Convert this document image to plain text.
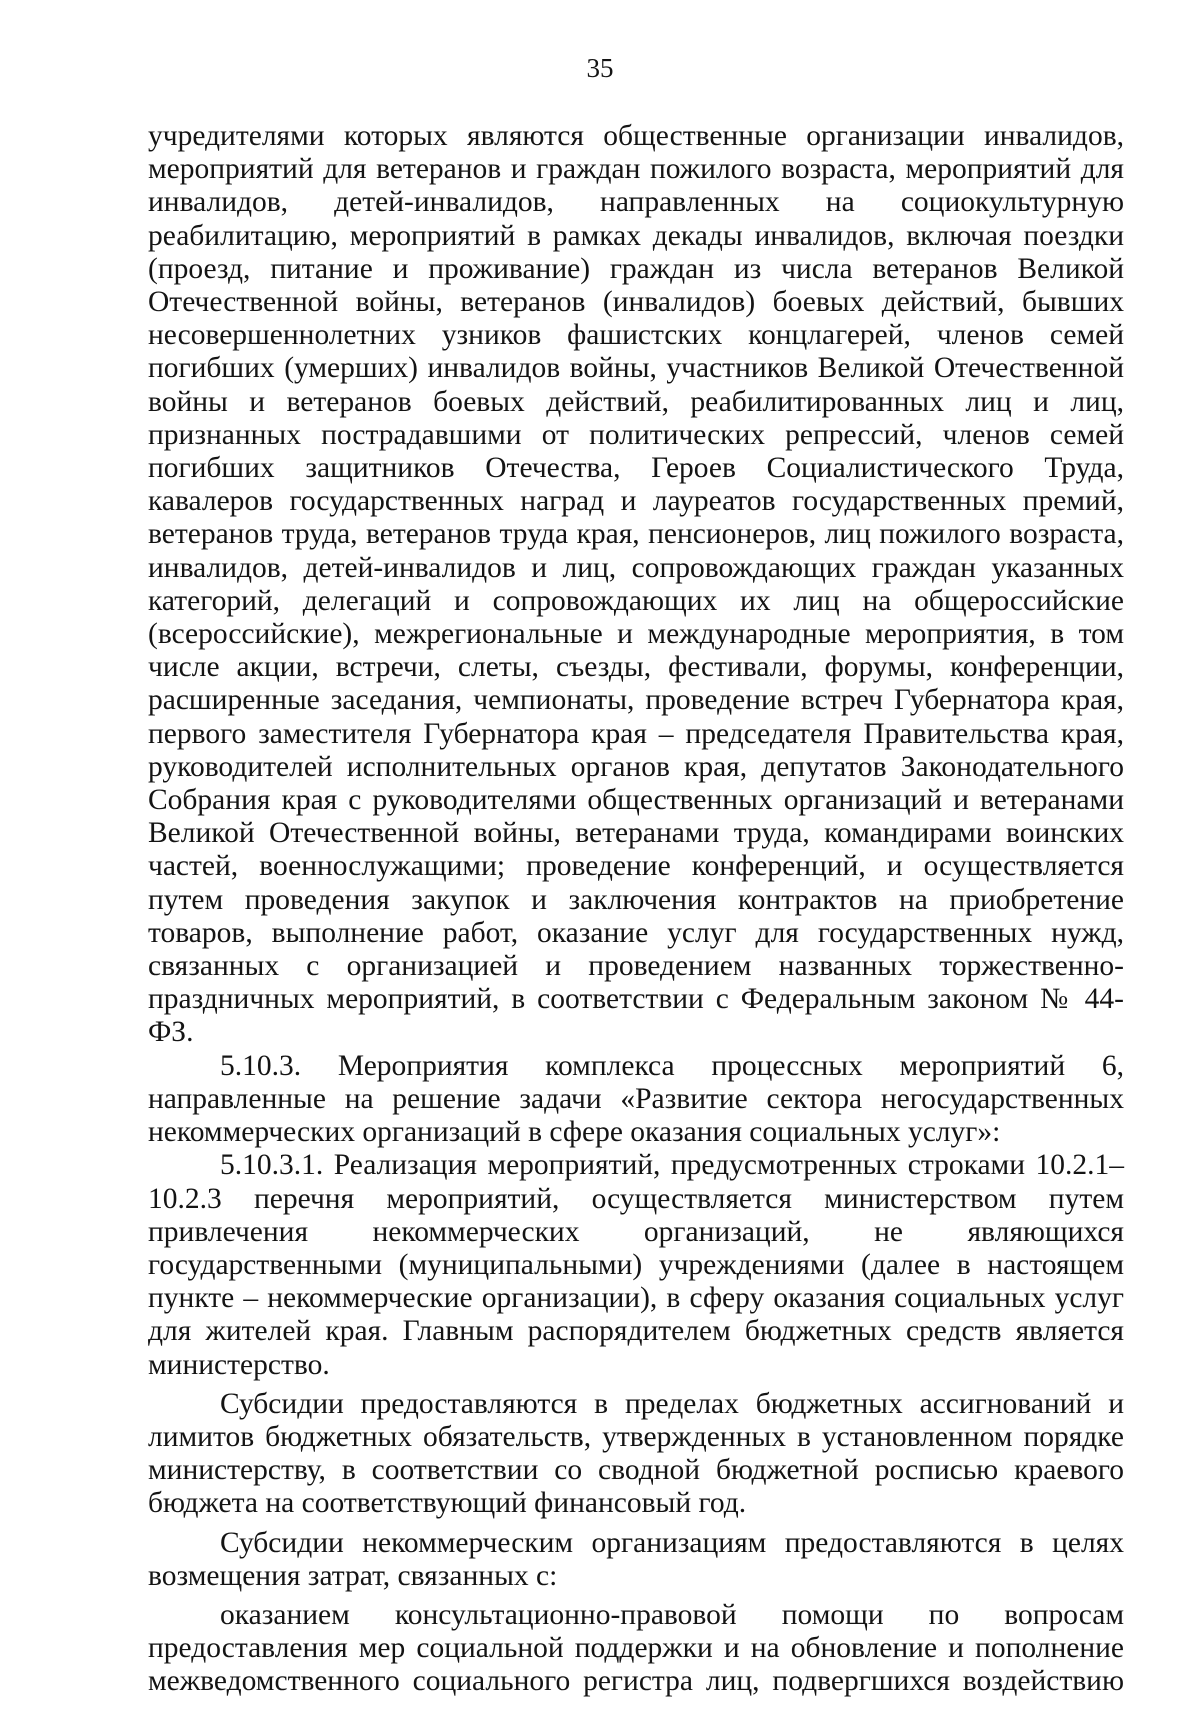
35

учредителями которых являются общественные организации инвалидов, мероприятий для ветеранов и граждан пожилого возраста, мероприятий для инвалидов, детей-инвалидов, направленных на социокультурную реабилитацию, мероприятий в рамках декады инвалидов, включая поездки (проезд, питание и проживание) граждан из числа ветеранов Великой Отечественной войны, ветеранов (инвалидов) боевых действий, бывших несовершеннолетних узников фашистских концлагерей, членов семей погибших (умерших) инвалидов войны, участников Великой Отечественной войны и ветеранов боевых действий, реабилитированных лиц и лиц, признанных пострадавшими от политических репрессий, членов семей погибших защитников Отечества, Героев Социалистического Труда, кавалеров государственных наград и лауреатов государственных премий, ветеранов труда, ветеранов труда края, пенсионеров, лиц пожилого возраста, инвалидов, детей-инвалидов и лиц, сопровождающих граждан указанных категорий, делегаций и сопровождающих их лиц на общероссийские (всероссийские), межрегиональные и международные мероприятия, в том числе акции, встречи, слеты, съезды, фестивали, форумы, конференции, расширенные заседания, чемпионаты, проведение встреч Губернатора края, первого заместителя Губернатора края – председателя Правительства края, руководителей исполнительных органов края, депутатов Законодательного Собрания края с руководителями общественных организаций и ветеранами Великой Отечественной войны, ветеранами труда, командирами воинских частей, военнослужащими; проведение конференций, и осуществляется путем проведения закупок и заключения контрактов на приобретение товаров, выполнение работ, оказание услуг для государственных нужд, связанных с организацией и проведением названных торжественно-праздничных мероприятий, в соответствии с Федеральным законом № 44-ФЗ.

5.10.3. Мероприятия комплекса процессных мероприятий 6, направленные на решение задачи «Развитие сектора негосударственных некоммерческих организаций в сфере оказания социальных услуг»:

5.10.3.1. Реализация мероприятий, предусмотренных строками 10.2.1–10.2.3 перечня мероприятий, осуществляется министерством путем привлечения некоммерческих организаций, не являющихся государственными (муниципальными) учреждениями (далее в настоящем пункте – некоммерческие организации), в сферу оказания социальных услуг для жителей края. Главным распорядителем бюджетных средств является министерство.

Субсидии предоставляются в пределах бюджетных ассигнований и лимитов бюджетных обязательств, утвержденных в установленном порядке министерству, в соответствии со сводной бюджетной росписью краевого бюджета на соответствующий финансовый год.

Субсидии некоммерческим организациям предоставляются в целях возмещения затрат, связанных с:

оказанием консультационно-правовой помощи по вопросам предоставления мер социальной поддержки и на обновление и пополнение межведомственного социального регистра лиц, подвергшихся воздействию
